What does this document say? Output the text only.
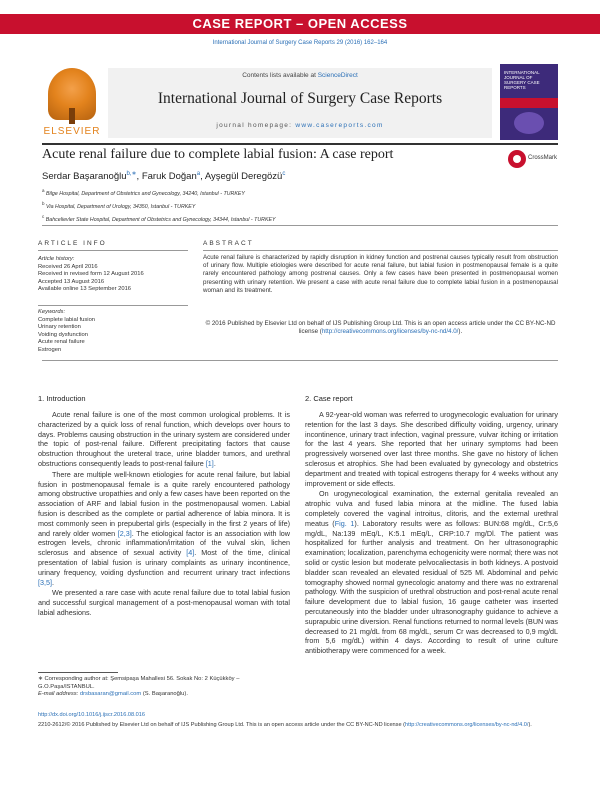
CASE REPORT – OPEN ACCESS
International Journal of Surgery Case Reports 29 (2016) 162–164
ELSEVIER
Contents lists available at ScienceDirect
International Journal of Surgery Case Reports
journal homepage: www.casereports.com
INTERNATIONAL JOURNAL OF SURGERY CASE REPORTS
Acute renal failure due to complete labial fusion: A case report	CrossMark
Serdar Başaranoğlu$^{b,∗}$, Faruk Doğan$^a$, Ayşegül Deregözü$^c$
$^a$ Bilge Hospital, Department of Obstetrics and Gynecology, 34240, Istanbul - TURKEY
$^b$ Via Hospital, Department of Urology, 34350, Istanbul - TURKEY
$^c$ Bahcelievler State Hospital, Department of Obstetrics and Gynecology, 34344, Istanbul - TURKEY
ARTICLE INFO	ABSTRACT
Article history:
Received 26 April 2016
Received in revised form 12 August 2016
Accepted 13 August 2016
Available online 13 September 2016
Keywords:
Complete labial fusion
Urinary retention
Voiding dysfunction
Acute renal failure
Estrogen
Acute renal failure is characterized by rapidly disruption in kidney function and postrenal causes typically result from obstruction of urinary flow. Multiple etiologies were described for acute renal failure, but labial fusion in postmenopausal female is a quite rarely encountered pathology among postrenal causes. Only a few cases have been presented in postmenopausal women presenting with urinary retention. We present a case with acute renal failure due to complete labial fusion in a postmenopausal woman and its treatment.
© 2016 Published by Elsevier Ltd on behalf of IJS Publishing Group Ltd. This is an open access article under the CC BY-NC-ND license (http://creativecommons.org/licenses/by-nc-nd/4.0/).
1. Introduction

Acute renal failure is one of the most common urological problems. It is characterized by a quick loss of renal function, which develops over hours to days. Problems causing obstruction in the urinary system are considered under the topic of post-renal failure. Different precipitating factors that cause obstruction throughout the ureteral trace, urine bladder tumors, and urethral obstructions consequently leads to post-renal failure [1].

There are multiple well-known etiologies for acute renal failure, but labial fusion in postmenopausal female is a quite rarely encountered pathology among obstructive uropathies and only a few cases have been reported on the association of ARF and labial fusion in the postmenopausal women. Labial fusion is described as the complete or partial adherence of labia minora. It is most commonly seen in prepubertal girls (especially in the first 2 years of life) and rarely older women [2,3]. The etiological factor is an association with low estrogen levels, chronic inflammation/irritation of the vulval skin, lichen sclerosus and absence of sexual activity [4]. Most of the time, clinical presentation of labial fusion is urinary complaints as urinary incontinence, urinary frequency, voiding dysfunction and recurrent urinary tract infections [3,5].

We presented a rare case with acute renal failure due to total labial fusion and successful surgical management of a post-menopausal woman with total labial adhesions.

2. Case report

A 92-year-old woman was referred to urogynecologic evaluation for urinary retention for the last 3 days. She described difficulty voiding, urgency, urinary incontinence, urinary tract infection, vaginal pressure, vulvar itching or irritation for the last 4 years. She reported that her urinary symptoms had been progressively worsened over last three months. She gave no history of lichen sclerosus et atrophics. She had been evaluated by gynecology and obstetrics department and treated with topical estrogens therapy for 4 weeks without any improvement or side effects.

On urogynecological examination, the external genitalia revealed an atrophic vulva and fused labia minora at the midline. The fused labia completely covered the vaginal introitus, clitoris, and the external urethral meatus (Fig. 1). Laboratory results were as follows: BUN:68 mg/dL, Cr:5,6 mg/dL, Na:139 mEq/L, K:5.1 mEq/L, CRP:10.7 mg/Dl. The patient was hospitalized for further analysis and treatment. On her ultrasonographic examination; localization, parenchyma echogenicity were normal; there was not solid or cystic lesion but moderate pelvocaliectasis in both kidneys. A postvoid bladder scan revealed an elevated residual of 525 Ml. Abdominal and pelvic tomography showed normal gynecologic anatomy and there was no extrarenal pathology. With the suspicion of urethral obstruction and post-renal acute renal failure development due to labial fusion, 16 gauge catheter was inserted percutaneously into the bladder under ultrasonography guidance to achieve a suprapubic urine diversion. Renal functions returned to normal levels (BUN was decreased to 21 mg/dL from 68 mg/dL, serum Cr was decreased to 0,9 mg/dL from 5,6 mg/dL) within 4 days. According to result of urine culture antibiotherapy were commenced for a week.

∗ Corresponding author at: Şemsipaşa Mahallesi 56. Sokak No: 2 Küçükköy –G.O.Paşa/ISTANBUL.
E-mail address: drsbasaran@gmail.com (S. Başaranoğlu).
http://dx.doi.org/10.1016/j.ijscr.2016.08.016
2210-2612/© 2016 Published by Elsevier Ltd on behalf of IJS Publishing Group Ltd. This is an open access article under the CC BY-NC-ND license (http://creativecommons.org/licenses/by-nc-nd/4.0/).
